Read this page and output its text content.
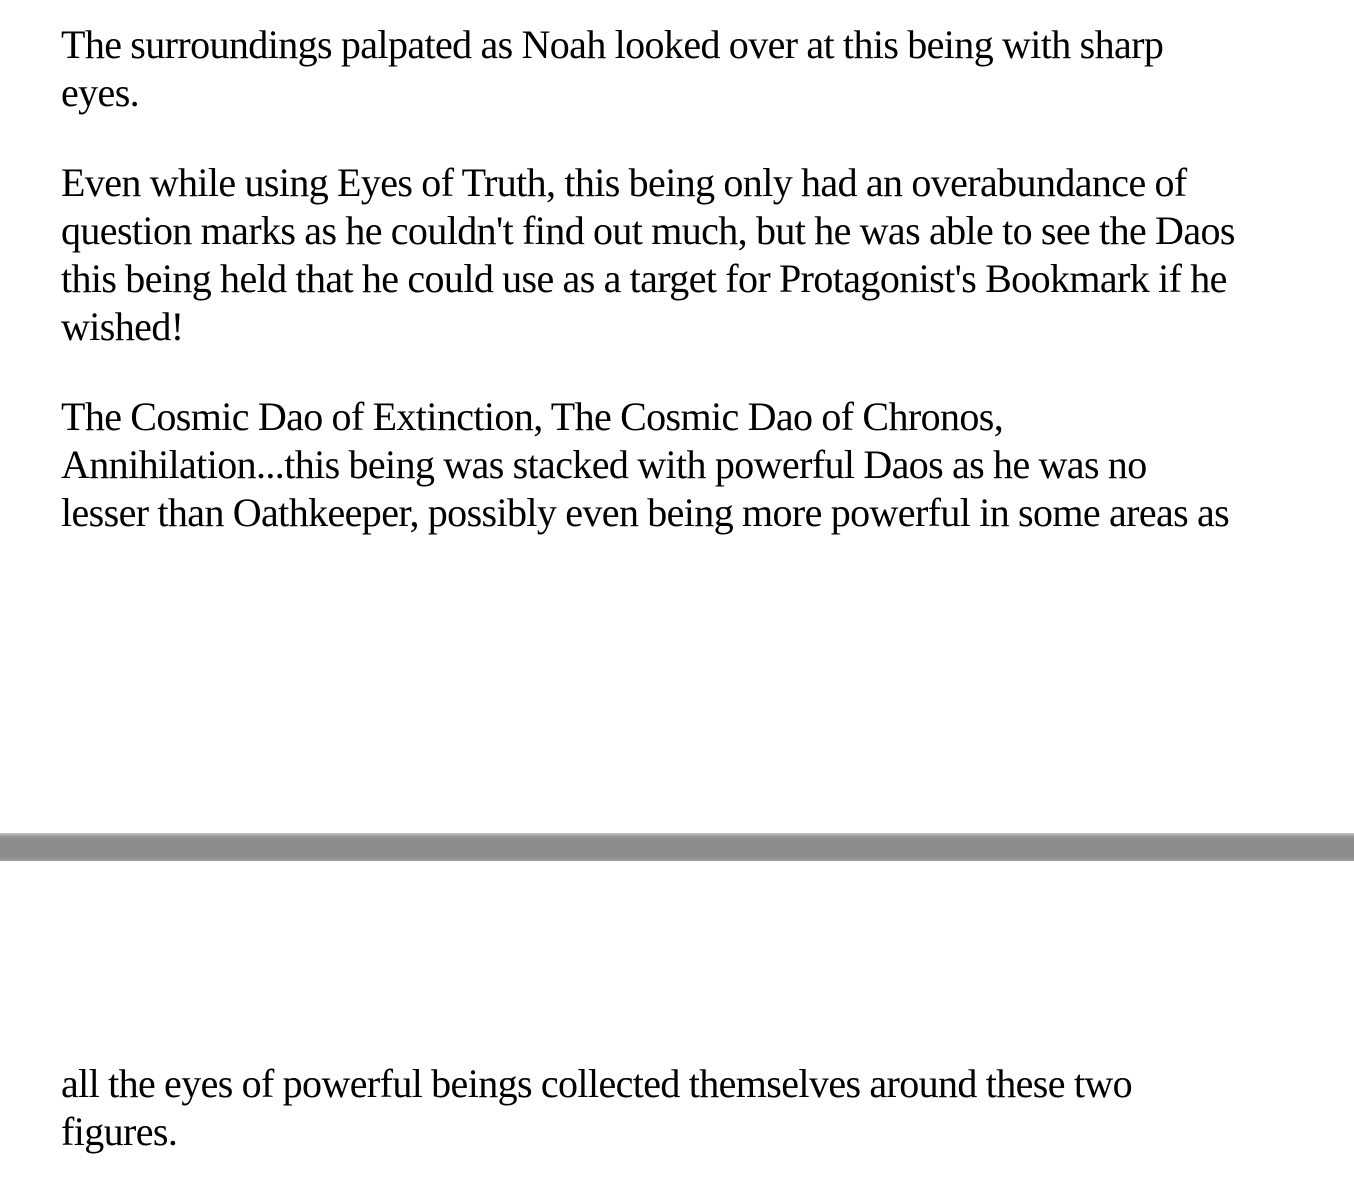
The surroundings palpated as Noah looked over at this being with sharp
eyes.

Even while using Eyes of Truth, this being only had an overabundance of
question marks as he couldn't find out much, but he was able to see the Daos
this being held that he could use as a target for Protagonist's Bookmark if he
wished!

The Cosmic Dao of Extinction, The Cosmic Dao of Chronos,
Annihilation...this being was stacked with powerful Daos as he was no
lesser than Oathkeeper, possibly even being more powerful in some areas as

all the eyes of powerful beings collected themselves around these two
figures.
